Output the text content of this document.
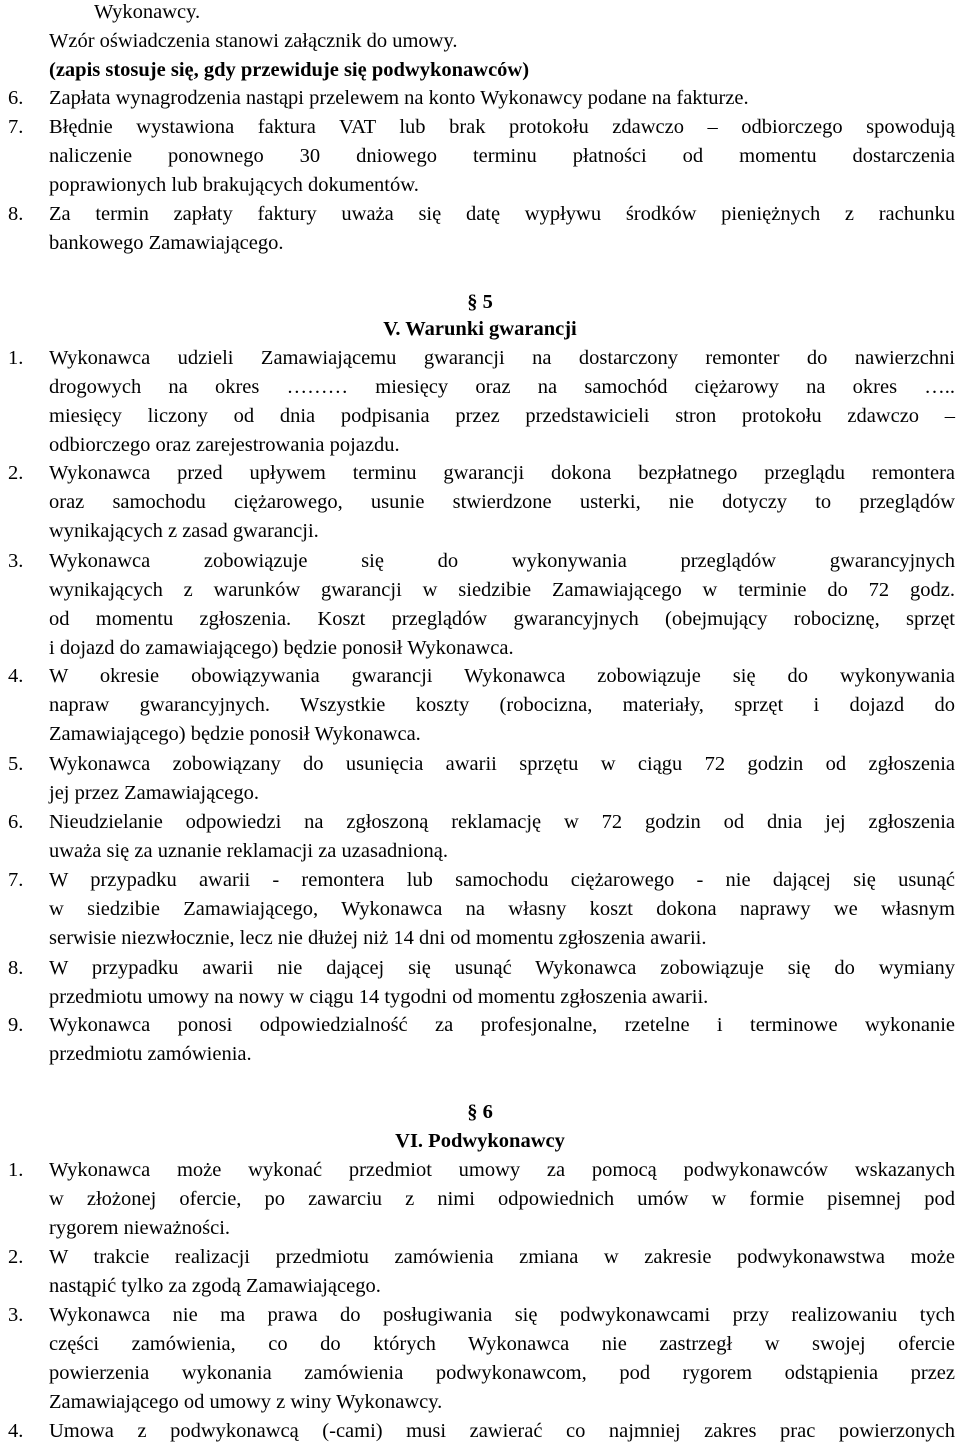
Wykonawcy.
Wzór oświadczenia stanowi załącznik do umowy.
(zapis stosuje się, gdy przewiduje się podwykonawców)
6. Zapłata wynagrodzenia nastąpi przelewem na konto Wykonawcy podane na fakturze.
7. Błędnie wystawiona faktura VAT lub brak protokołu zdawczo – odbiorczego spowodują
naliczenie ponownego 30 dniowego terminu płatności od momentu dostarczenia
poprawionych lub brakujących dokumentów.
8. Za termin zapłaty faktury uważa się datę wypływu środków pieniężnych z rachunku
bankowego Zamawiającego.
§ 5
V. Warunki gwarancji
1. Wykonawca udzieli Zamawiającemu gwarancji na dostarczony remonter do nawierzchni
drogowych na okres ……… miesięcy oraz na samochód ciężarowy na okres …..
miesięcy liczony od dnia podpisania przez przedstawicieli stron protokołu zdawczo –
odbiorczego oraz zarejestrowania pojazdu.
2. Wykonawca przed upływem terminu gwarancji dokona bezpłatnego przeglądu remontera
oraz samochodu ciężarowego, usunie stwierdzone usterki, nie dotyczy to przeglądów
wynikających z zasad gwarancji.
3. Wykonawca zobowiązuje się do wykonywania przeglądów gwarancyjnych
wynikających z warunków gwarancji w siedzibie Zamawiającego w terminie do 72 godz.
od momentu zgłoszenia. Koszt przeglądów gwarancyjnych (obejmujący robociznę, sprzęt
i dojazd do zamawiającego) będzie ponosił Wykonawca.
4. W okresie obowiązywania gwarancji Wykonawca zobowiązuje się do wykonywania
napraw gwarancyjnych. Wszystkie koszty (robocizna, materiały, sprzęt i dojazd do
Zamawiającego) będzie ponosił Wykonawca.
5. Wykonawca zobowiązany do usunięcia awarii sprzętu w ciągu 72 godzin od zgłoszenia
jej przez Zamawiającego.
6. Nieudzielanie odpowiedzi na zgłoszoną reklamację w 72 godzin od dnia jej zgłoszenia
uważa się za uznanie reklamacji za uzasadnioną.
7. W przypadku awarii - remontera lub samochodu ciężarowego - nie dającej się usunąć
w siedzibie Zamawiającego, Wykonawca na własny koszt dokona naprawy we własnym
serwisie niezwłocznie, lecz nie dłużej niż 14 dni od momentu zgłoszenia awarii.
8. W przypadku awarii nie dającej się usunąć Wykonawca zobowiązuje się do wymiany
przedmiotu umowy na nowy w ciągu 14 tygodni od momentu zgłoszenia awarii.
9. Wykonawca ponosi odpowiedzialność za profesjonalne, rzetelne i terminowe wykonanie
przedmiotu zamówienia.
§ 6
VI. Podwykonawcy
1. Wykonawca może wykonać przedmiot umowy za pomocą podwykonawców wskazanych
w złożonej ofercie, po zawarciu z nimi odpowiednich umów w formie pisemnej pod
rygorem nieważności.
2. W trakcie realizacji przedmiotu zamówienia zmiana w zakresie podwykonawstwa może
nastąpić tylko za zgodą Zamawiającego.
3. Wykonawca nie ma prawa do posługiwania się podwykonawcami przy realizowaniu tych
części zamówienia, co do których Wykonawca nie zastrzegł w swojej ofercie
powierzenia wykonania zamówienia podwykonawcom, pod rygorem odstąpienia przez
Zamawiającego od umowy z winy Wykonawcy.
4. Umowa z podwykonawcą (-cami) musi zawierać co najmniej zakres prac powierzonych
